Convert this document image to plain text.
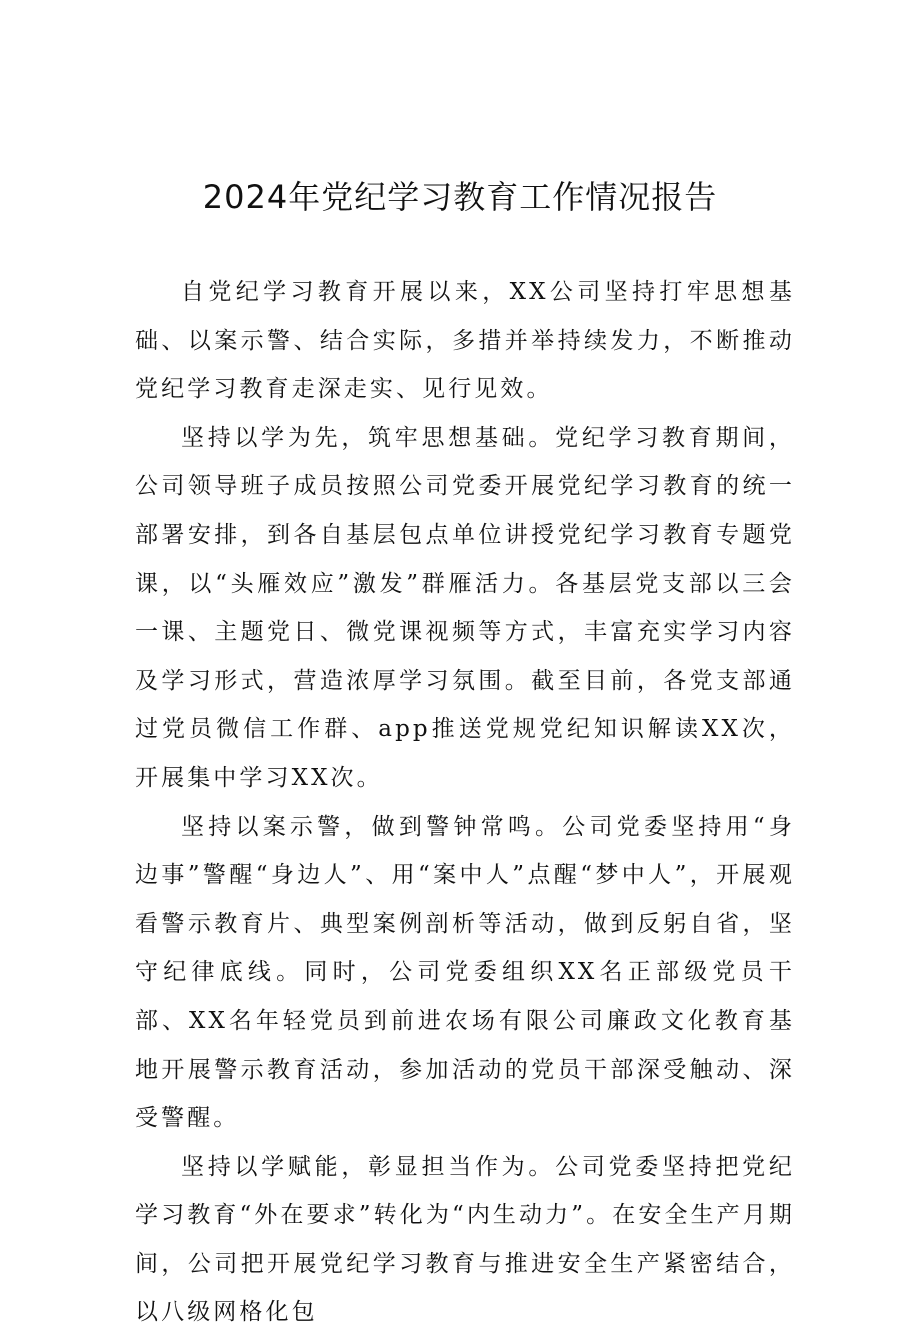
2024年党纪学习教育工作情况报告

自党纪学习教育开展以来，XX公司坚持打牢思想基础、以案示警、结合实际，多措并举持续发力，不断推动党纪学习教育走深走实、见行见效。

坚持以学为先，筑牢思想基础。党纪学习教育期间，公司领导班子成员按照公司党委开展党纪学习教育的统一部署安排，到各自基层包点单位讲授党纪学习教育专题党课，以“头雁效应”激发”群雁活力。各基层党支部以三会一课、主题党日、微党课视频等方式，丰富充实学习内容及学习形式，营造浓厚学习氛围。截至目前，各党支部通过党员微信工作群、app推送党规党纪知识解读XX次，开展集中学习XX次。

坚持以案示警，做到警钟常鸣。公司党委坚持用“身边事”警醒“身边人”、用“案中人”点醒“梦中人”，开展观看警示教育片、典型案例剖析等活动，做到反躬自省，坚守纪律底线。同时，公司党委组织XX名正部级党员干部、XX名年轻党员到前进农场有限公司廉政文化教育基地开展警示教育活动，参加活动的党员干部深受触动、深受警醒。

坚持以学赋能，彰显担当作为。公司党委坚持把党纪学习教育“外在要求”转化为“内生动力”。在安全生产月期间，公司把开展党纪学习教育与推进安全生产紧密结合，以八级网格化包
